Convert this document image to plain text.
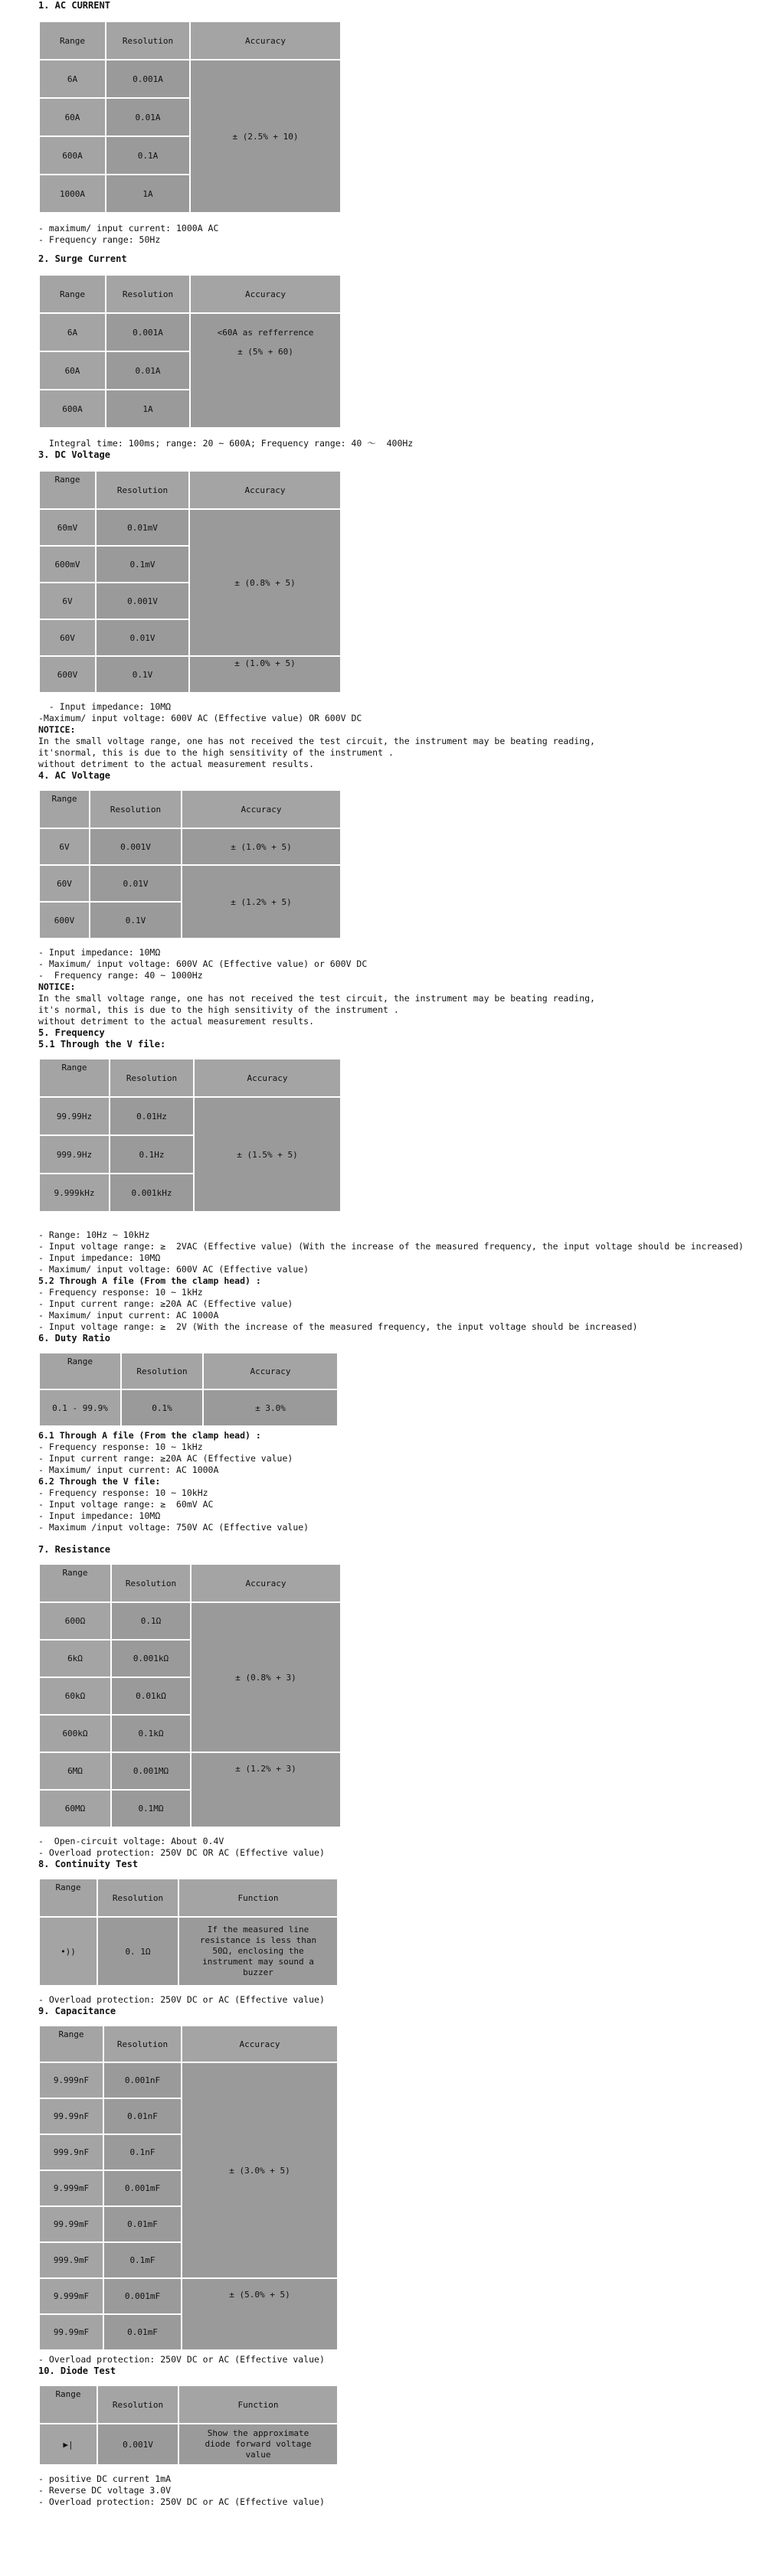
1. AC CURRENT
Range	Resolution	Accuracy
6A	0.001A	± (2.5% + 10)
60A	0.01A	
600A	0.1A	
1000A	1A	

- maximum/ input current: 1000A AC

- Frequency range: 50Hz

2. Surge Current
Range	Resolution	Accuracy
6A	0.001A	<60A as refferrence
± (5% + 60)

60A	0.01A	
600A	1A	

Integral time: 100ms; range: 20 ~ 600A; Frequency range: 40 ～  400Hz

3. DC Voltage
Range	Resolution	Accuracy
60mV	0.01mV	± (0.8% + 5)
600mV	0.1mV	
6V	0.001V	
60V	0.01V	
600V	0.1V	± (1.0% + 5)

- Input impedance: 10MΩ

-Maximum/ input voltage: 600V AC (Effective value) OR 600V DC

NOTICE:

In the small voltage range, one has not received the test circuit, the instrument may be beating reading,

it'snormal, this is due to the high sensitivity of the instrument .

without detriment to the actual measurement results.

4. AC Voltage
Range	Resolution	Accuracy
6V	0.001V	± (1.0% + 5)
60V	0.01V	± (1.2% + 5)
600V	0.1V	

- Input impedance: 10MΩ

- Maximum/ input voltage: 600V AC (Effective value) or 600V DC

-  Frequency range: 40 ~ 1000Hz

NOTICE:

In the small voltage range, one has not received the test circuit, the instrument may be beating reading,

it's normal, this is due to the high sensitivity of the instrument .

without detriment to the actual measurement results.

5. Frequency
5.1 Through the V file:
Range	Resolution	Accuracy
99.99Hz	0.01Hz	± (1.5% + 5)
999.9Hz	0.1Hz	
9.999kHz	0.001kHz	

- Range: 10Hz ~ 10kHz

- Input voltage range: ≥  2VAC (Effective value) (With the increase of the measured frequency, the input voltage should be increased)

- Input impedance: 10MΩ

- Maximum/ input voltage: 600V AC (Effective value)

5.2 Through A file (From the clamp head) :

- Frequency response: 10 ~ 1kHz

- Input current range: ≥20A AC (Effective value)

- Maximum/ input current: AC 1000A

- Input voltage range: ≥  2V (With the increase of the measured frequency, the input voltage should be increased)

6. Duty Ratio
Range	Resolution	Accuracy
0.1 - 99.9%	0.1%	± 3.0%

6.1 Through A file (From the clamp head) :

- Frequency response: 10 ~ 1kHz

- Input current range: ≥20A AC (Effective value)

- Maximum/ input current: AC 1000A

6.2 Through the V file:

- Frequency response: 10 ~ 10kHz

- Input voltage range: ≥  60mV AC

- Input impedance: 10MΩ

- Maximum /input voltage: 750V AC (Effective value)

7. Resistance
Range	Resolution	Accuracy
600Ω	0.1Ω	± (0.8% + 3)
6kΩ	0.001kΩ	
60kΩ	0.01kΩ	
600kΩ	0.1kΩ	
6MΩ	0.001MΩ	± (1.2% + 3)
60MΩ	0.1MΩ	

-  Open-circuit voltage: About 0.4V

- Overload protection: 250V DC OR AC (Effective value)

8. Continuity Test
Range	Resolution	Function
•))	0. 1Ω	If the measured line resistance is less than 50Ω, enclosing the instrument may sound a buzzer

- Overload protection: 250V DC or AC (Effective value)

9. Capacitance
Range	Resolution	Accuracy
9.999nF	0.001nF	± (3.0% + 5)
99.99nF	0.01nF	
999.9nF	0.1nF	
9.999mF	0.001mF	
99.99mF	0.01mF	
999.9mF	0.1mF	
9.999mF	0.001mF	± (5.0% + 5)
99.99mF	0.01mF	

- Overload protection: 250V DC or AC (Effective value)

10. Diode Test
Range	Resolution	Function
▶|	0.001V	Show the approximate diode forward voltage value

- positive DC current 1mA

- Reverse DC voltage 3.0V

- Overload protection: 250V DC or AC (Effective value)
